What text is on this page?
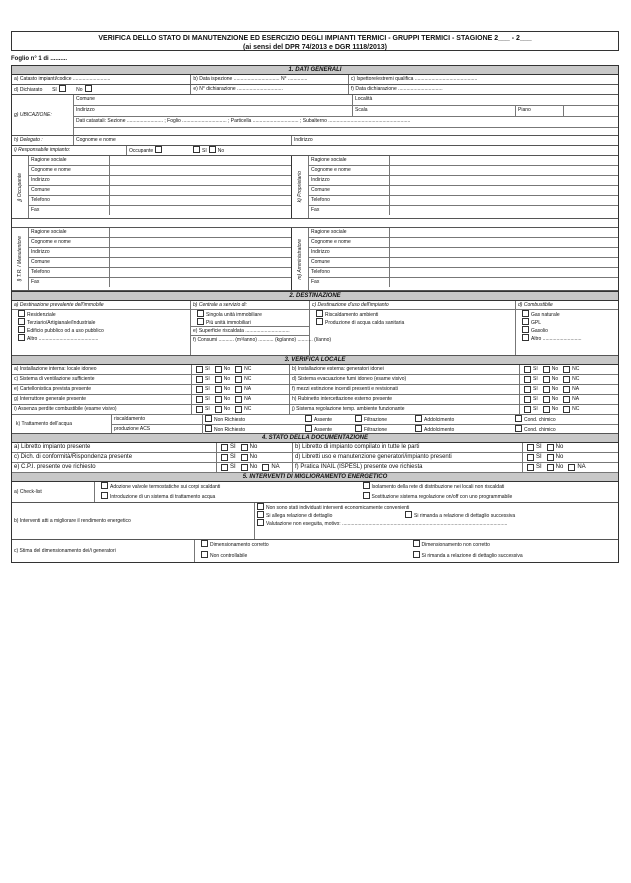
VERIFICA DELLO STATO DI MANUTENZIONE ED ESERCIZIO DEGLI IMPIANTI TERMICI - GRUPPI TERMICI - STAGIONE 2___ - 2___
(ai sensi del DPR 74/2013 e DGR 1118/2013)
Foglio n° 1 di ..........
1. DATI GENERALI
a) Catasto impianti/codice ...........................	b) Data ispezione ................................. N° ..............	c) Ispettore/estremi qualifica .............................................
d) Dichiarato SI	No	e) N° dichiarazione .................................	f) Data dichiarazione ................................
g) UBICAZIONE:
Comune	Località
Indirizzo	Scala	Piano
Dati catastali: Sezione .......................... ; Foglio ................................ ; Particella ................................. ; Subalterno ...........................................................
h) Delegato :	Cognome e nome	Indirizzo
i) Responsabile impianto:	Occupante	SI No
j) Occupante
Ragione sociale
Cognome e nome
Indirizzo
Comune
Telefono
Fax
k) Proprietario
Ragione sociale
Cognome e nome
Indirizzo
Comune
Telefono
Fax
l) T.R. / Manutentore
Ragione sociale
Cognome e nome
Indirizzo
Comune
Telefono
Fax
m) Amministratore
Ragione sociale
Cognome e nome
Indirizzo
Comune
Telefono
Fax
2. DESTINAZIONE
a) Destinazione prevalente dell'immobile
Residenziale
Terziario/Artigianale/Industriale
Edificio pubblico od a uso pubblico
Altro ...........................................
b) Centrale a servizio di:
Singola unità immobiliare
Più unità immobiliari
e) Superficie riscaldata ................................
f) Consumi ........... (m³/anno) ........... (kg/anno) ........... (l/anno)
c) Destinazione d'uso dell'impianto
Riscaldamento ambienti
Produzione di acqua calda sanitaria
d) Combustibile
Gas naturale
GPL
Gasolio
Altro ............................
3. VERIFICA LOCALE
a) Installazione interna: locale idoneo	SI	No	NC	b) Installazione esterna: generatori idonei	SI	No	NC
c) Sistema di ventilazione sufficiente	SI	No	NC	d) Sistema evacuazione fumi idoneo (esame visivo)	SI	No	NC
e) Cartellonistica prevista presente	SI	No	NA	f) mezzi estinzione incendi presenti e revisionati	SI	No	NA
g) Interruttore generale presente	SI	No	NA	h) Rubinetto intercettazione esterno presente	SI	No	NA
i) Assenza perdite combustibile (esame visivo)	SI	No	NC	j) Sistema regolazione temp. ambiente funzionante	SI	No	NC
k) Trattamento dell'acqua
riscaldamento	Non Richiesto	Assente	Filtrazione	Addolcimento	Cond. chimico
produzione ACS	Non Richiesto	Assente	Filtrazione	Addolcimento	Cond. chimico
4. STATO DELLA DOCUMENTAZIONE
a) Libretto impianto presente	SI No	b) Libretto di impianto compilato in tutte le parti	SI No
c) Dich. di conformità/Rispondenza presente	SI No	d) Libretti uso e manutenzione generatori/impianto presenti	SI No
e) C.P.I. presente ove richiesto	SI No NA	f) Pratica INAIL (ISPESL) presente ove richiesta	SI No NA
5. INTERVENTI DI MIGLIORAMENTO ENERGETICO
a) Check-list
Adozione valvole termostatiche sui corpi scaldanti	Isolamento della rete di distribuzione nei locali non riscaldati
Introduzione di un sistema di trattamento acqua	Sostituzione sistema regolazione on/off con uno programmabile
b) Interventi atti a migliorare il rendimento energetico
Non sono stati individuati interventi economicamente convenienti
Si allega relazione di dettaglio	Si rimanda a relazione di dettaglio successiva
Valutazione non eseguita, motivo: .......................................................................................................................
c) Stima del dimensionamento dei/i generatori
Dimensionamento corretto	Dimensionamento non corretto
Non controllabile	Si rimanda a relazione di dettaglio successiva
